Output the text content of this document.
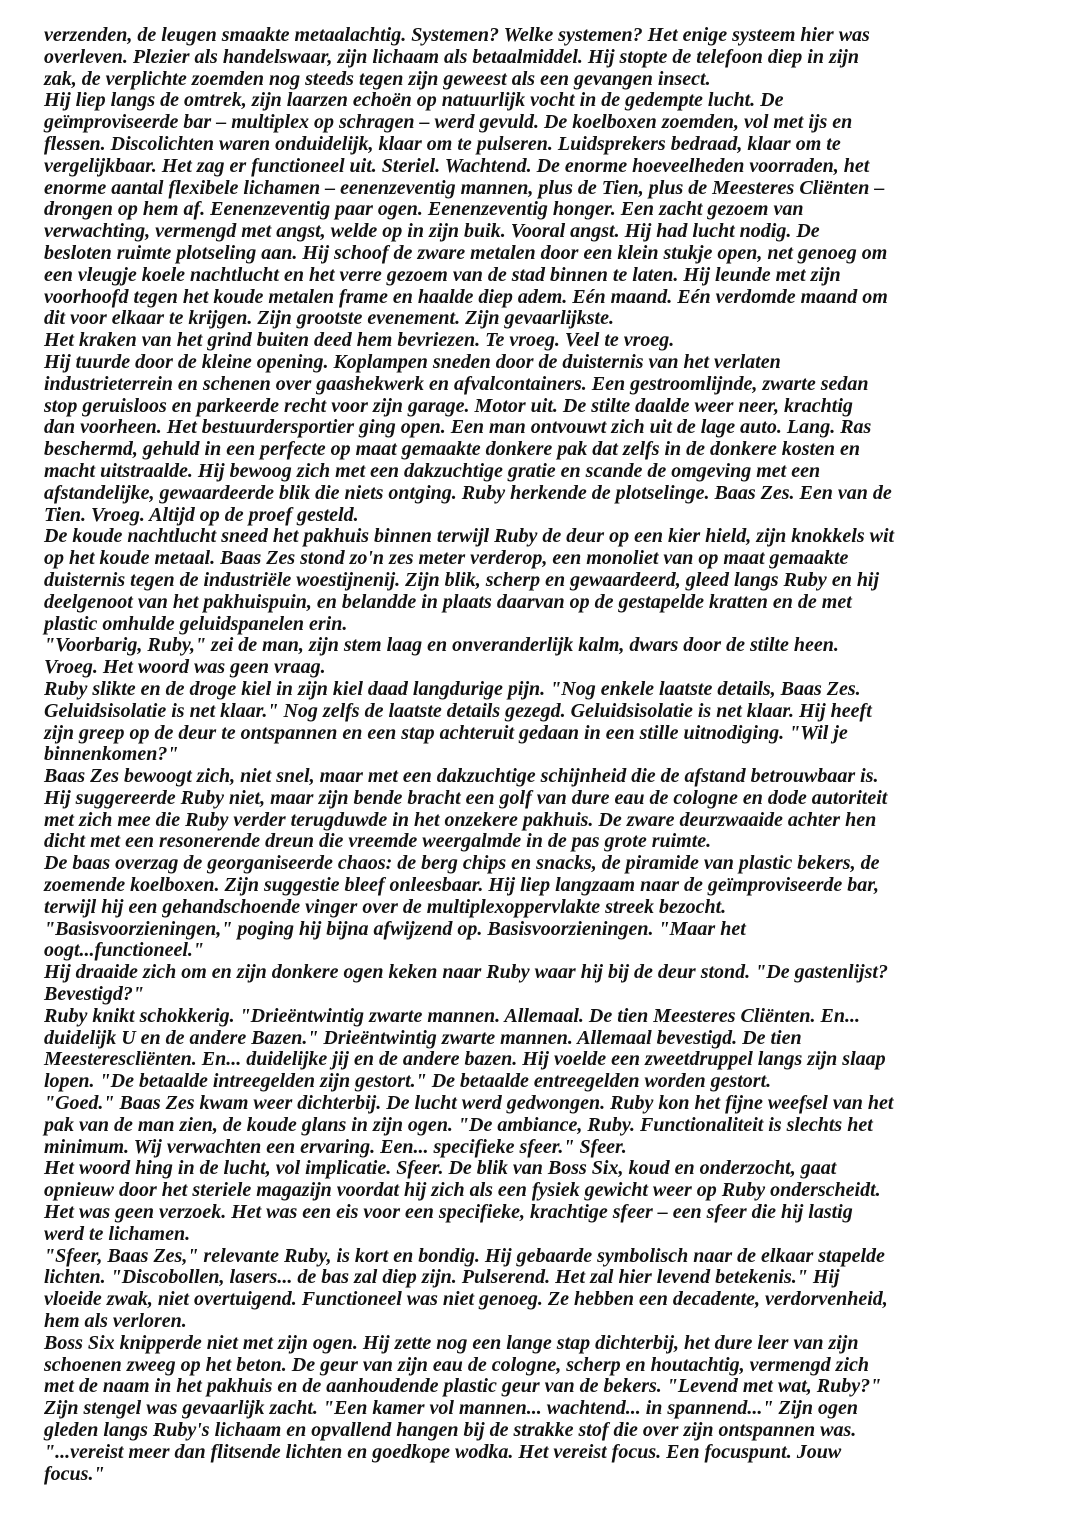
verzenden, de leugen smaakte metaalachtig. Systemen? Welke systemen? Het enige systeem hier was
overleven. Plezier als handelswaar, zijn lichaam als betaalmiddel. Hij stopte de telefoon diep in zijn
zak, de verplichte zoemden nog steeds tegen zijn geweest als een gevangen insect.
Hij liep langs de omtrek, zijn laarzen echoën op natuurlijk vocht in de gedempte lucht. De
geïmproviseerde bar – multiplex op schragen – werd gevuld. De koelboxen zoemden, vol met ijs en
flessen. Discolichten waren onduidelijk, klaar om te pulseren. Luidsprekers bedraad, klaar om te
vergelijkbaar. Het zag er functioneel uit. Steriel. Wachtend. De enorme hoeveelheden voorraden, het
enorme aantal flexibele lichamen – eenenzeventig mannen, plus de Tien, plus de Meesteres Cliënten –
drongen op hem af. Eenenzeventig paar ogen. Eenenzeventig honger. Een zacht gezoem van
verwachting, vermengd met angst, welde op in zijn buik. Vooral angst. Hij had lucht nodig. De
besloten ruimte plotseling aan. Hij schoof de zware metalen door een klein stukje open, net genoeg om
een vleugje koele nachtlucht en het verre gezoem van de stad binnen te laten. Hij leunde met zijn
voorhoofd tegen het koude metalen frame en haalde diep adem. Eén maand. Eén verdomde maand om
dit voor elkaar te krijgen. Zijn grootste evenement. Zijn gevaarlijkste.
Het kraken van het grind buiten deed hem bevriezen. Te vroeg. Veel te vroeg.
Hij tuurde door de kleine opening. Koplampen sneden door de duisternis van het verlaten
industrieterrein en schenen over gaashekwerk en afvalcontainers. Een gestroomlijnde, zwarte sedan
stop geruisloos en parkeerde recht voor zijn garage. Motor uit. De stilte daalde weer neer, krachtig
dan voorheen. Het bestuurdersportier ging open. Een man ontvouwt zich uit de lage auto. Lang. Ras
beschermd, gehuld in een perfecte op maat gemaakte donkere pak dat zelfs in de donkere kosten en
macht uitstraalde. Hij bewoog zich met een dakzuchtige gratie en scande de omgeving met een
afstandelijke, gewaardeerde blik die niets ontging. Ruby herkende de plotselinge. Baas Zes. Een van de
Tien. Vroeg. Altijd op de proef gesteld.
De koude nachtlucht sneed het pakhuis binnen terwijl Ruby de deur op een kier hield, zijn knokkels wit
op het koude metaal. Baas Zes stond zo'n zes meter verderop, een monoliet van op maat gemaakte
duisternis tegen de industriële woestijnenij. Zijn blik, scherp en gewaardeerd, gleed langs Ruby en hij
deelgenoot van het pakhuispuin, en belandde in plaats daarvan op de gestapelde kratten en de met
plastic omhulde geluidspanelen erin.
"Voorbarig, Ruby," zei de man, zijn stem laag en onveranderlijk kalm, dwars door de stilte heen.
Vroeg. Het woord was geen vraag.
Ruby slikte en de droge kiel in zijn kiel daad langdurige pijn. "Nog enkele laatste details, Baas Zes.
Geluidsisolatie is net klaar." Nog zelfs de laatste details gezegd. Geluidsisolatie is net klaar. Hij heeft
zijn greep op de deur te ontspannen en een stap achteruit gedaan in een stille uitnodiging. "Wil je
binnenkomen?"
Baas Zes bewoogt zich, niet snel, maar met een dakzuchtige schijnheid die de afstand betrouwbaar is.
Hij suggereerde Ruby niet, maar zijn bende bracht een golf van dure eau de cologne en dode autoriteit
met zich mee die Ruby verder terugduwde in het onzekere pakhuis. De zware deurzwaaide achter hen
dicht met een resonerende dreun die vreemde weergalmde in de pas grote ruimte.
De baas overzag de georganiseerde chaos: de berg chips en snacks, de piramide van plastic bekers, de
zoemende koelboxen. Zijn suggestie bleef onleesbaar. Hij liep langzaam naar de geïmproviseerde bar,
terwijl hij een gehandschoende vinger over de multiplexoppervlakte streek bezocht.
"Basisvoorzieningen," poging hij bijna afwijzend op. Basisvoorzieningen. "Maar het
oogt...functioneel."
Hij draaide zich om en zijn donkere ogen keken naar Ruby waar hij bij de deur stond. "De gastenlijst?
Bevestigd?"
Ruby knikt schokkerig. "Drieëntwintig zwarte mannen. Allemaal. De tien Meesteres Cliënten. En...
duidelijk U en de andere Bazen." Drieëntwintig zwarte mannen. Allemaal bevestigd. De tien
Meesterescliënten. En... duidelijke jij en de andere bazen. Hij voelde een zweetdruppel langs zijn slaap
lopen. "De betaalde intreegelden zijn gestort." De betaalde entreegelden worden gestort.
"Goed." Baas Zes kwam weer dichterbij. De lucht werd gedwongen. Ruby kon het fijne weefsel van het
pak van de man zien, de koude glans in zijn ogen. "De ambiance, Ruby. Functionaliteit is slechts het
minimum. Wij verwachten een ervaring. Een... specifieke sfeer." Sfeer.
Het woord hing in de lucht, vol implicatie. Sfeer. De blik van Boss Six, koud en onderzocht, gaat
opnieuw door het steriele magazijn voordat hij zich als een fysiek gewicht weer op Ruby onderscheidt.
Het was geen verzoek. Het was een eis voor een specifieke, krachtige sfeer – een sfeer die hij lastig
werd te lichamen.
"Sfeer, Baas Zes," relevante Ruby, is kort en bondig. Hij gebaarde symbolisch naar de elkaar stapelde
lichten. "Discobollen, lasers... de bas zal diep zijn. Pulserend. Het zal hier levend betekenis." Hij
vloeide zwak, niet overtuigend. Functioneel was niet genoeg. Ze hebben een decadente, verdorvenheid,
hem als verloren.
Boss Six knipperde niet met zijn ogen. Hij zette nog een lange stap dichterbij, het dure leer van zijn
schoenen zweeg op het beton. De geur van zijn eau de cologne, scherp en houtachtig, vermengd zich
met de naam in het pakhuis en de aanhoudende plastic geur van de bekers. "Levend met wat, Ruby?"
Zijn stengel was gevaarlijk zacht. "Een kamer vol mannen... wachtend... in spannend..." Zijn ogen
gleden langs Ruby's lichaam en opvallend hangen bij de strakke stof die over zijn ontspannen was.
"...vereist meer dan flitsende lichten en goedkope wodka. Het vereist focus. Een focuspunt. Jouw
focus."
